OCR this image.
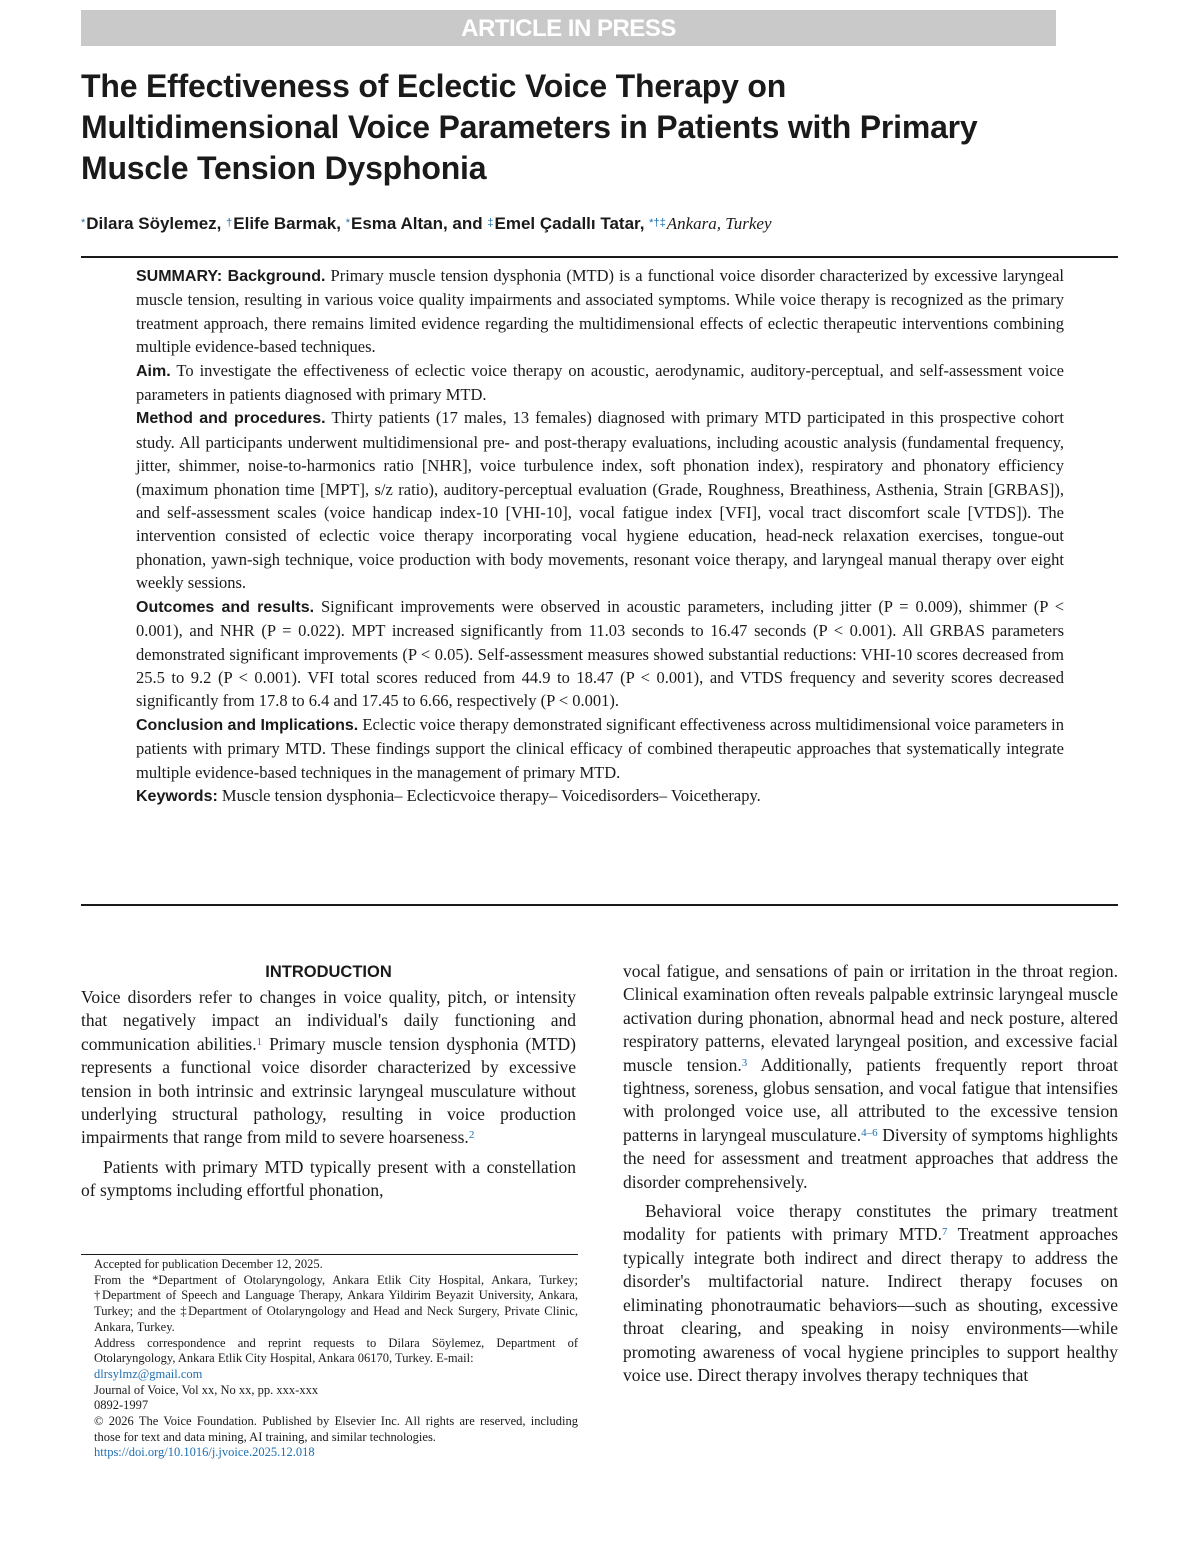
ARTICLE IN PRESS
The Effectiveness of Eclectic Voice Therapy on
Multidimensional Voice Parameters in Patients with Primary
Muscle Tension Dysphonia
*Dilara Söylemez, †Elife Barmak, *Esma Altan, and ‡Emel Çadallı Tatar, *†‡Ankara, Turkey

SUMMARY: Background. Primary muscle tension dysphonia (MTD) is a functional voice disorder characterized by excessive laryngeal muscle tension, resulting in various voice quality impairments and associated symptoms. While voice therapy is recognized as the primary treatment approach, there remains limited evidence regarding the multidimensional effects of eclectic therapeutic interventions combining multiple evidence-based techniques.

Aim. To investigate the effectiveness of eclectic voice therapy on acoustic, aerodynamic, auditory-perceptual, and self-assessment voice parameters in patients diagnosed with primary MTD.

Method and procedures. Thirty patients (17 males, 13 females) diagnosed with primary MTD participated in this prospective cohort study. All participants underwent multidimensional pre- and post-therapy evaluations, including acoustic analysis (fundamental frequency, jitter, shimmer, noise-to-harmonics ratio [NHR], voice turbulence index, soft phonation index), respiratory and phonatory efficiency (maximum phonation time [MPT], s/z ratio), auditory-perceptual evaluation (Grade, Roughness, Breathiness, Asthenia, Strain [GRBAS]), and self-assessment scales (voice handicap index-10 [VHI-10], vocal fatigue index [VFI], vocal tract discomfort scale [VTDS]). The intervention consisted of eclectic voice therapy incorporating vocal hygiene education, head-neck relaxation exercises, tongue-out phonation, yawn-sigh technique, voice production with body movements, resonant voice therapy, and laryngeal manual therapy over eight weekly sessions.

Outcomes and results. Significant improvements were observed in acoustic parameters, including jitter (P = 0.009), shimmer (P < 0.001), and NHR (P = 0.022). MPT increased significantly from 11.03 seconds to 16.47 seconds (P < 0.001). All GRBAS parameters demonstrated significant improvements (P < 0.05). Self-assessment measures showed substantial reductions: VHI-10 scores decreased from 25.5 to 9.2 (P < 0.001). VFI total scores reduced from 44.9 to 18.47 (P < 0.001), and VTDS frequency and severity scores decreased significantly from 17.8 to 6.4 and 17.45 to 6.66, respectively (P < 0.001).

Conclusion and Implications. Eclectic voice therapy demonstrated significant effectiveness across multidimensional voice parameters in patients with primary MTD. These findings support the clinical efficacy of combined therapeutic approaches that systematically integrate multiple evidence-based techniques in the management of primary MTD.

Keywords: Muscle tension dysphonia– Eclecticvoice therapy– Voicedisorders– Voicetherapy.

INTRODUCTION

Voice disorders refer to changes in voice quality, pitch, or intensity that negatively impact an individual's daily functioning and communication abilities.$^1$ Primary muscle tension dysphonia (MTD) represents a functional voice disorder characterized by excessive tension in both intrinsic and extrinsic laryngeal musculature without underlying structural pathology, resulting in voice production impairments that range from mild to severe hoarseness.$^2$

Patients with primary MTD typically present with a constellation of symptoms including effortful phonation,

vocal fatigue, and sensations of pain or irritation in the throat region. Clinical examination often reveals palpable extrinsic laryngeal muscle activation during phonation, abnormal head and neck posture, altered respiratory patterns, elevated laryngeal position, and excessive facial muscle tension.$^3$ Additionally, patients frequently report throat tightness, soreness, globus sensation, and vocal fatigue that intensifies with prolonged voice use, all attributed to the excessive tension patterns in laryngeal musculature.$^{4-6}$ Diversity of symptoms highlights the need for assessment and treatment approaches that address the disorder comprehensively.

Behavioral voice therapy constitutes the primary treatment modality for patients with primary MTD.$^7$ Treatment approaches typically integrate both indirect and direct therapy to address the disorder's multifactorial nature. Indirect therapy focuses on eliminating phonotraumatic behaviors—such as shouting, excessive throat clearing, and speaking in noisy environments—while promoting awareness of vocal hygiene principles to support healthy voice use. Direct therapy involves therapy techniques that

Accepted for publication December 12, 2025.

From the *Department of Otolaryngology, Ankara Etlik City Hospital, Ankara, Turkey; †Department of Speech and Language Therapy, Ankara Yildirim Beyazit University, Ankara, Turkey; and the ‡Department of Otolaryngology and Head and Neck Surgery, Private Clinic, Ankara, Turkey.

Address correspondence and reprint requests to Dilara Söylemez, Department of Otolaryngology, Ankara Etlik City Hospital, Ankara 06170, Turkey. E-mail:

dlrsylmz@gmail.com

Journal of Voice, Vol xx, No xx, pp. xxx-xxx

0892-1997

© 2026 The Voice Foundation. Published by Elsevier Inc. All rights are reserved, including those for text and data mining, AI training, and similar technologies.

https://doi.org/10.1016/j.jvoice.2025.12.018
